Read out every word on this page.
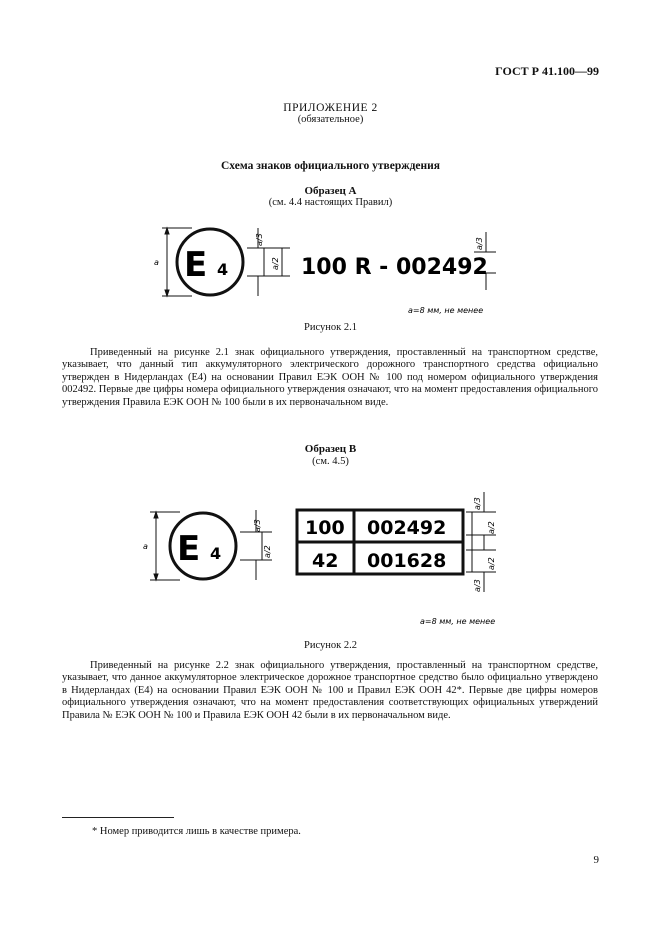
ГОСТ Р 41.100—99
ПРИЛОЖЕНИЕ 2
(обязательное)
Схема знаков официального утверждения
Образец А
(см. 4.4 настоящих Правил)
E 4
a
a/3
a/2 100 R - 002492
a/3
a=8 мм, не менее
Рисунок 2.1

Приведенный на рисунке 2.1 знак официального утверждения, проставленный на транспортном средстве, указывает, что данный тип аккумуляторного электрического дорожного транспортного средства официально утвержден в Нидерландах (Е4) на основании Правил ЕЭК ООН № 100 под номером официального утверждения 002492. Первые две цифры номера официального утверждения означают, что на момент предоставления официального утверждения Правила ЕЭК ООН № 100 были в их первоначальном виде.

Образец В
(см. 4.5)
E 4
a
a/3
a/2
100 002492
42 001628
a/3
a/2
a/2
a/3
a=8 мм, не менее
Рисунок 2.2

Приведенный на рисунке 2.2 знак официального утверждения, проставленный на транспортном средстве, указывает, что данное аккумуляторное электрическое дорожное транспортное средство было официально утверждено в Нидерландах (Е4) на основании Правил ЕЭК ООН № 100 и Правил ЕЭК ООН 42*. Первые две цифры номеров официального утверждения означают, что на момент предоставления соответствующих официальных утверждений Правила № ЕЭК ООН № 100 и Правила ЕЭК ООН 42 были в их первоначальном виде.

* Номер приводится лишь в качестве примера.
9
